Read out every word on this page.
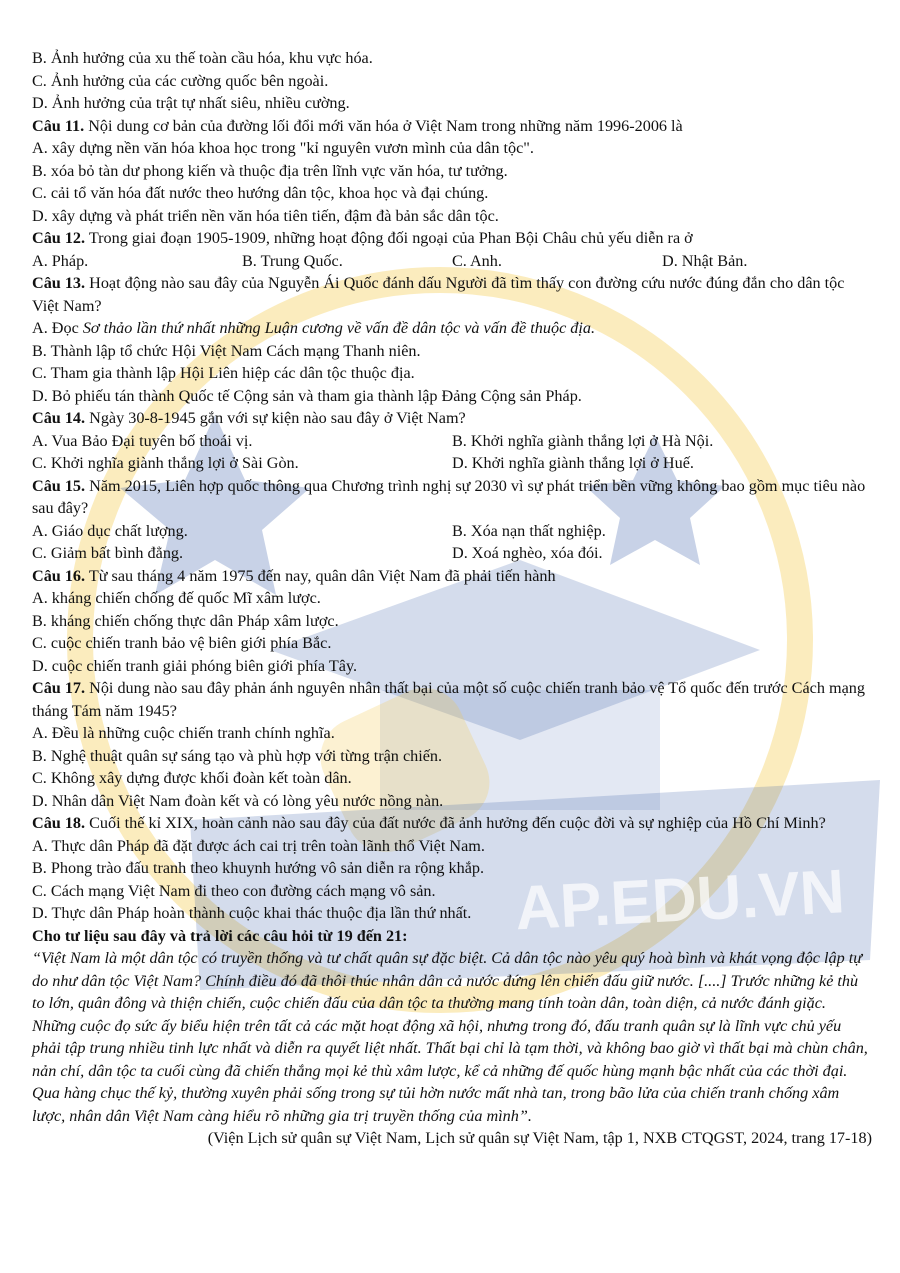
AP.EDU.VN
B. Ảnh hưởng của xu thế toàn cầu hóa, khu vực hóa.
C. Ảnh hưởng của các cường quốc bên ngoài.
D. Ảnh hưởng của trật tự nhất siêu, nhiều cường.
Câu 11. Nội dung cơ bản của đường lối đổi mới văn hóa ở Việt Nam trong những năm 1996-2006 là
A. xây dựng nền văn hóa khoa học trong "kỉ nguyên vươn mình của dân tộc".
B. xóa bỏ tàn dư phong kiến và thuộc địa trên lĩnh vực văn hóa, tư tưởng.
C. cải tổ văn hóa đất nước theo hướng dân tộc, khoa học và đại chúng.
D. xây dựng và phát triển nền văn hóa tiên tiến, đậm đà bản sắc dân tộc.
Câu 12. Trong giai đoạn 1905-1909, những hoạt động đối ngoại của Phan Bội Châu chủ yếu diễn ra ở
A. Pháp.	B. Trung Quốc.	C. Anh.	D. Nhật Bản.
Câu 13. Hoạt động nào sau đây của Nguyễn Ái Quốc đánh dấu Người đã tìm thấy con đường cứu nước đúng đắn cho dân tộc Việt Nam?
A. Đọc Sơ thảo lần thứ nhất những Luận cương về vấn đề dân tộc và vấn đề thuộc địa.
B. Thành lập tổ chức Hội Việt Nam Cách mạng Thanh niên.
C. Tham gia thành lập Hội Liên hiệp các dân tộc thuộc địa.
D. Bỏ phiếu tán thành Quốc tế Cộng sản và tham gia thành lập Đảng Cộng sản Pháp.
Câu 14. Ngày 30-8-1945 gắn với sự kiện nào sau đây ở Việt Nam?
A. Vua Bảo Đại tuyên bố thoái vị.	B. Khởi nghĩa giành thắng lợi ở Hà Nội.
C. Khởi nghĩa giành thắng lợi ở Sài Gòn.	D. Khởi nghĩa giành thắng lợi ở Huế.
Câu 15. Năm 2015, Liên hợp quốc thông qua Chương trình nghị sự 2030 vì sự phát triển bền vững không bao gồm mục tiêu nào sau đây?
A. Giáo dục chất lượng.	B. Xóa nạn thất nghiệp.
C. Giảm bất bình đẳng.	D. Xoá nghèo, xóa đói.
Câu 16. Từ sau tháng 4 năm 1975 đến nay, quân dân Việt Nam đã phải tiến hành
A. kháng chiến chống đế quốc Mĩ xâm lược.
B. kháng chiến chống thực dân Pháp xâm lược.
C. cuộc chiến tranh bảo vệ biên giới phía Bắc.
D. cuộc chiến tranh giải phóng biên giới phía Tây.
Câu 17. Nội dung nào sau đây phản ánh nguyên nhân thất bại của một số cuộc chiến tranh bảo vệ Tổ quốc đến trước Cách mạng tháng Tám năm 1945?
A. Đều là những cuộc chiến tranh chính nghĩa.
B. Nghệ thuật quân sự sáng tạo và phù hợp với từng trận chiến.
C. Không xây dựng được khối đoàn kết toàn dân.
D. Nhân dân Việt Nam đoàn kết và có lòng yêu nước nồng nàn.
Câu 18. Cuối thế kỉ XIX, hoàn cảnh nào sau đây của đất nước đã ảnh hưởng đến cuộc đời và sự nghiệp của Hồ Chí Minh?
A. Thực dân Pháp đã đặt được ách cai trị trên toàn lãnh thổ Việt Nam.
B. Phong trào đấu tranh theo khuynh hướng vô sản diễn ra rộng khắp.
C. Cách mạng Việt Nam đi theo con đường cách mạng vô sản.
D. Thực dân Pháp hoàn thành cuộc khai thác thuộc địa lần thứ nhất.
Cho tư liệu sau đây và trả lời các câu hỏi từ 19 đến 21:
“Việt Nam là một dân tộc có truyền thống và tư chất quân sự đặc biệt. Cả dân tộc nào yêu quý hoà bình và khát vọng độc lập tự do như dân tộc Việt Nam? Chính điều đó đã thôi thúc nhân dân cả nước đứng lên chiến đấu giữ nước. [....] Trước những kẻ thù to lớn, quân đông và thiện chiến, cuộc chiến đấu của dân tộc ta thường mang tính toàn dân, toàn diện, cả nước đánh giặc. Những cuộc đọ sức ấy biểu hiện trên tất cả các mặt hoạt động xã hội, nhưng trong đó, đấu tranh quân sự là lĩnh vực chủ yếu phải tập trung nhiều tinh lực nhất và diễn ra quyết liệt nhất. Thất bại chỉ là tạm thời, và không bao giờ vì thất bại mà chùn chân, nản chí, dân tộc ta cuối cùng đã chiến thắng mọi kẻ thù xâm lược, kể cả những đế quốc hùng mạnh bậc nhất của các thời đại. Qua hàng chục thế kỷ, thường xuyên phải sống trong sự tủi hờn nước mất nhà tan, trong bão lửa của chiến tranh chống xâm lược, nhân dân Việt Nam càng hiểu rõ những gia trị truyền thống của mình”.
(Viện Lịch sử quân sự Việt Nam, Lịch sử quân sự Việt Nam, tập 1, NXB CTQGST, 2024, trang 17-18)
